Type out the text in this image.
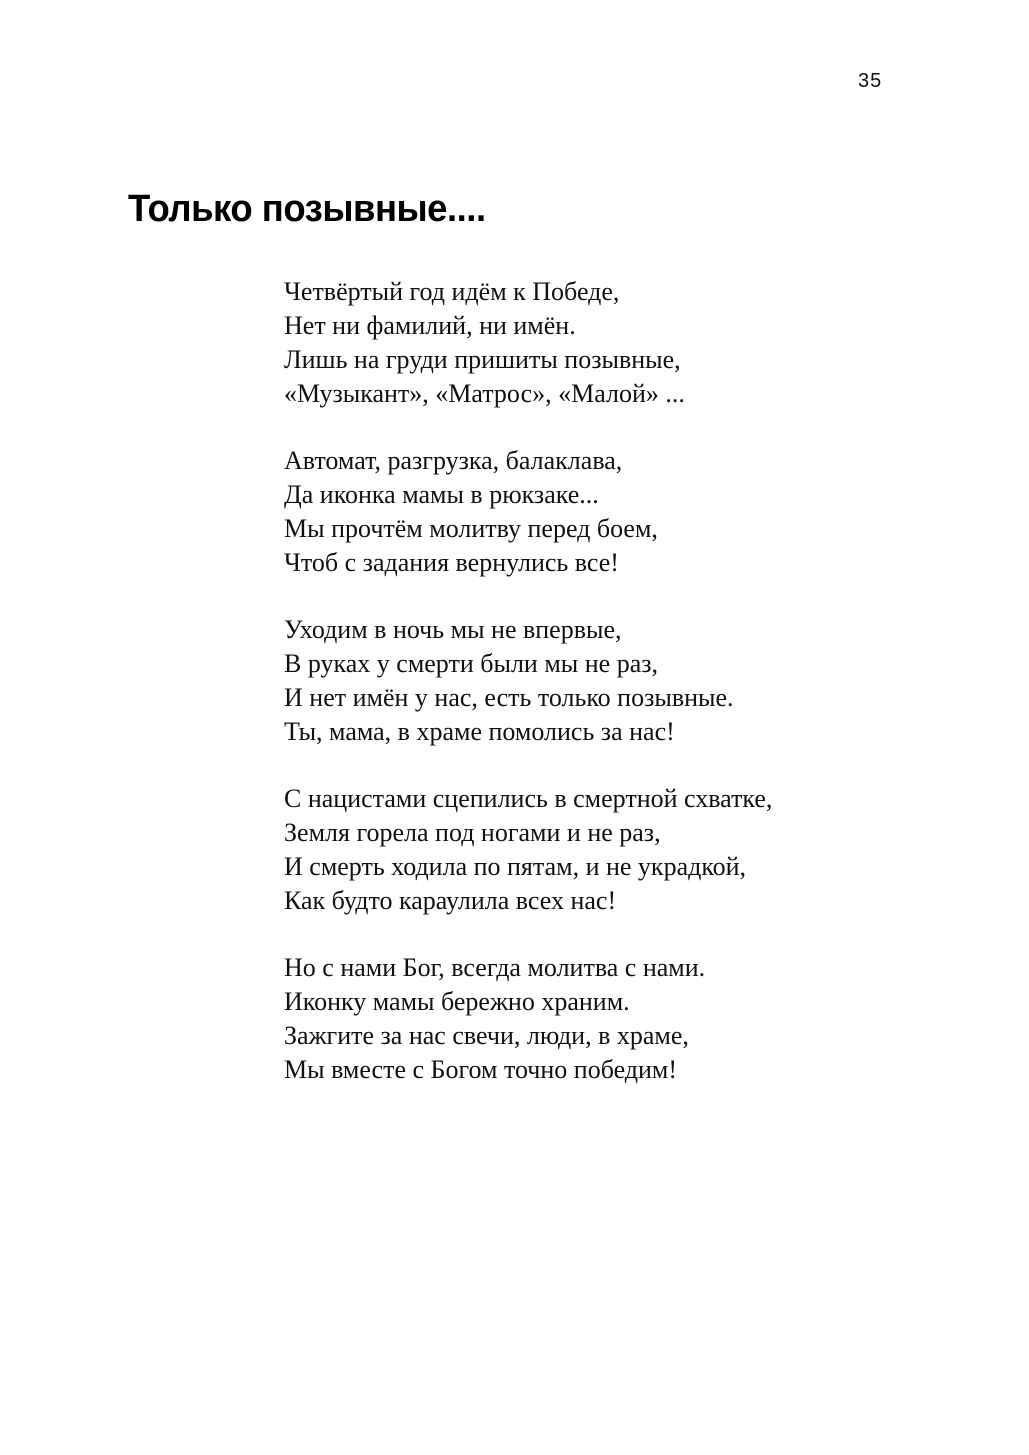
35
Только позывные....
Четвёртый год идём к Победе,
Нет ни фамилий, ни имён.
Лишь на груди пришиты позывные,
«Музыкант», «Матрос», «Малой» ...
Автомат, разгрузка, балаклава,
Да иконка мамы в рюкзаке...
Мы прочтём молитву перед боем,
Чтоб с задания вернулись все!
Уходим в ночь мы не впервые,
В руках у смерти были мы не раз,
И нет имён у нас, есть только позывные.
Ты, мама, в храме помолись за нас!
С нацистами сцепились в смертной схватке,
Земля горела под ногами и не раз,
И смерть ходила по пятам, и не украдкой,
Как будто караулила всех нас!
Но с нами Бог, всегда молитва с нами.
Иконку мамы бережно храним.
Зажгите за нас свечи, люди, в храме,
Мы вместе с Богом точно победим!
